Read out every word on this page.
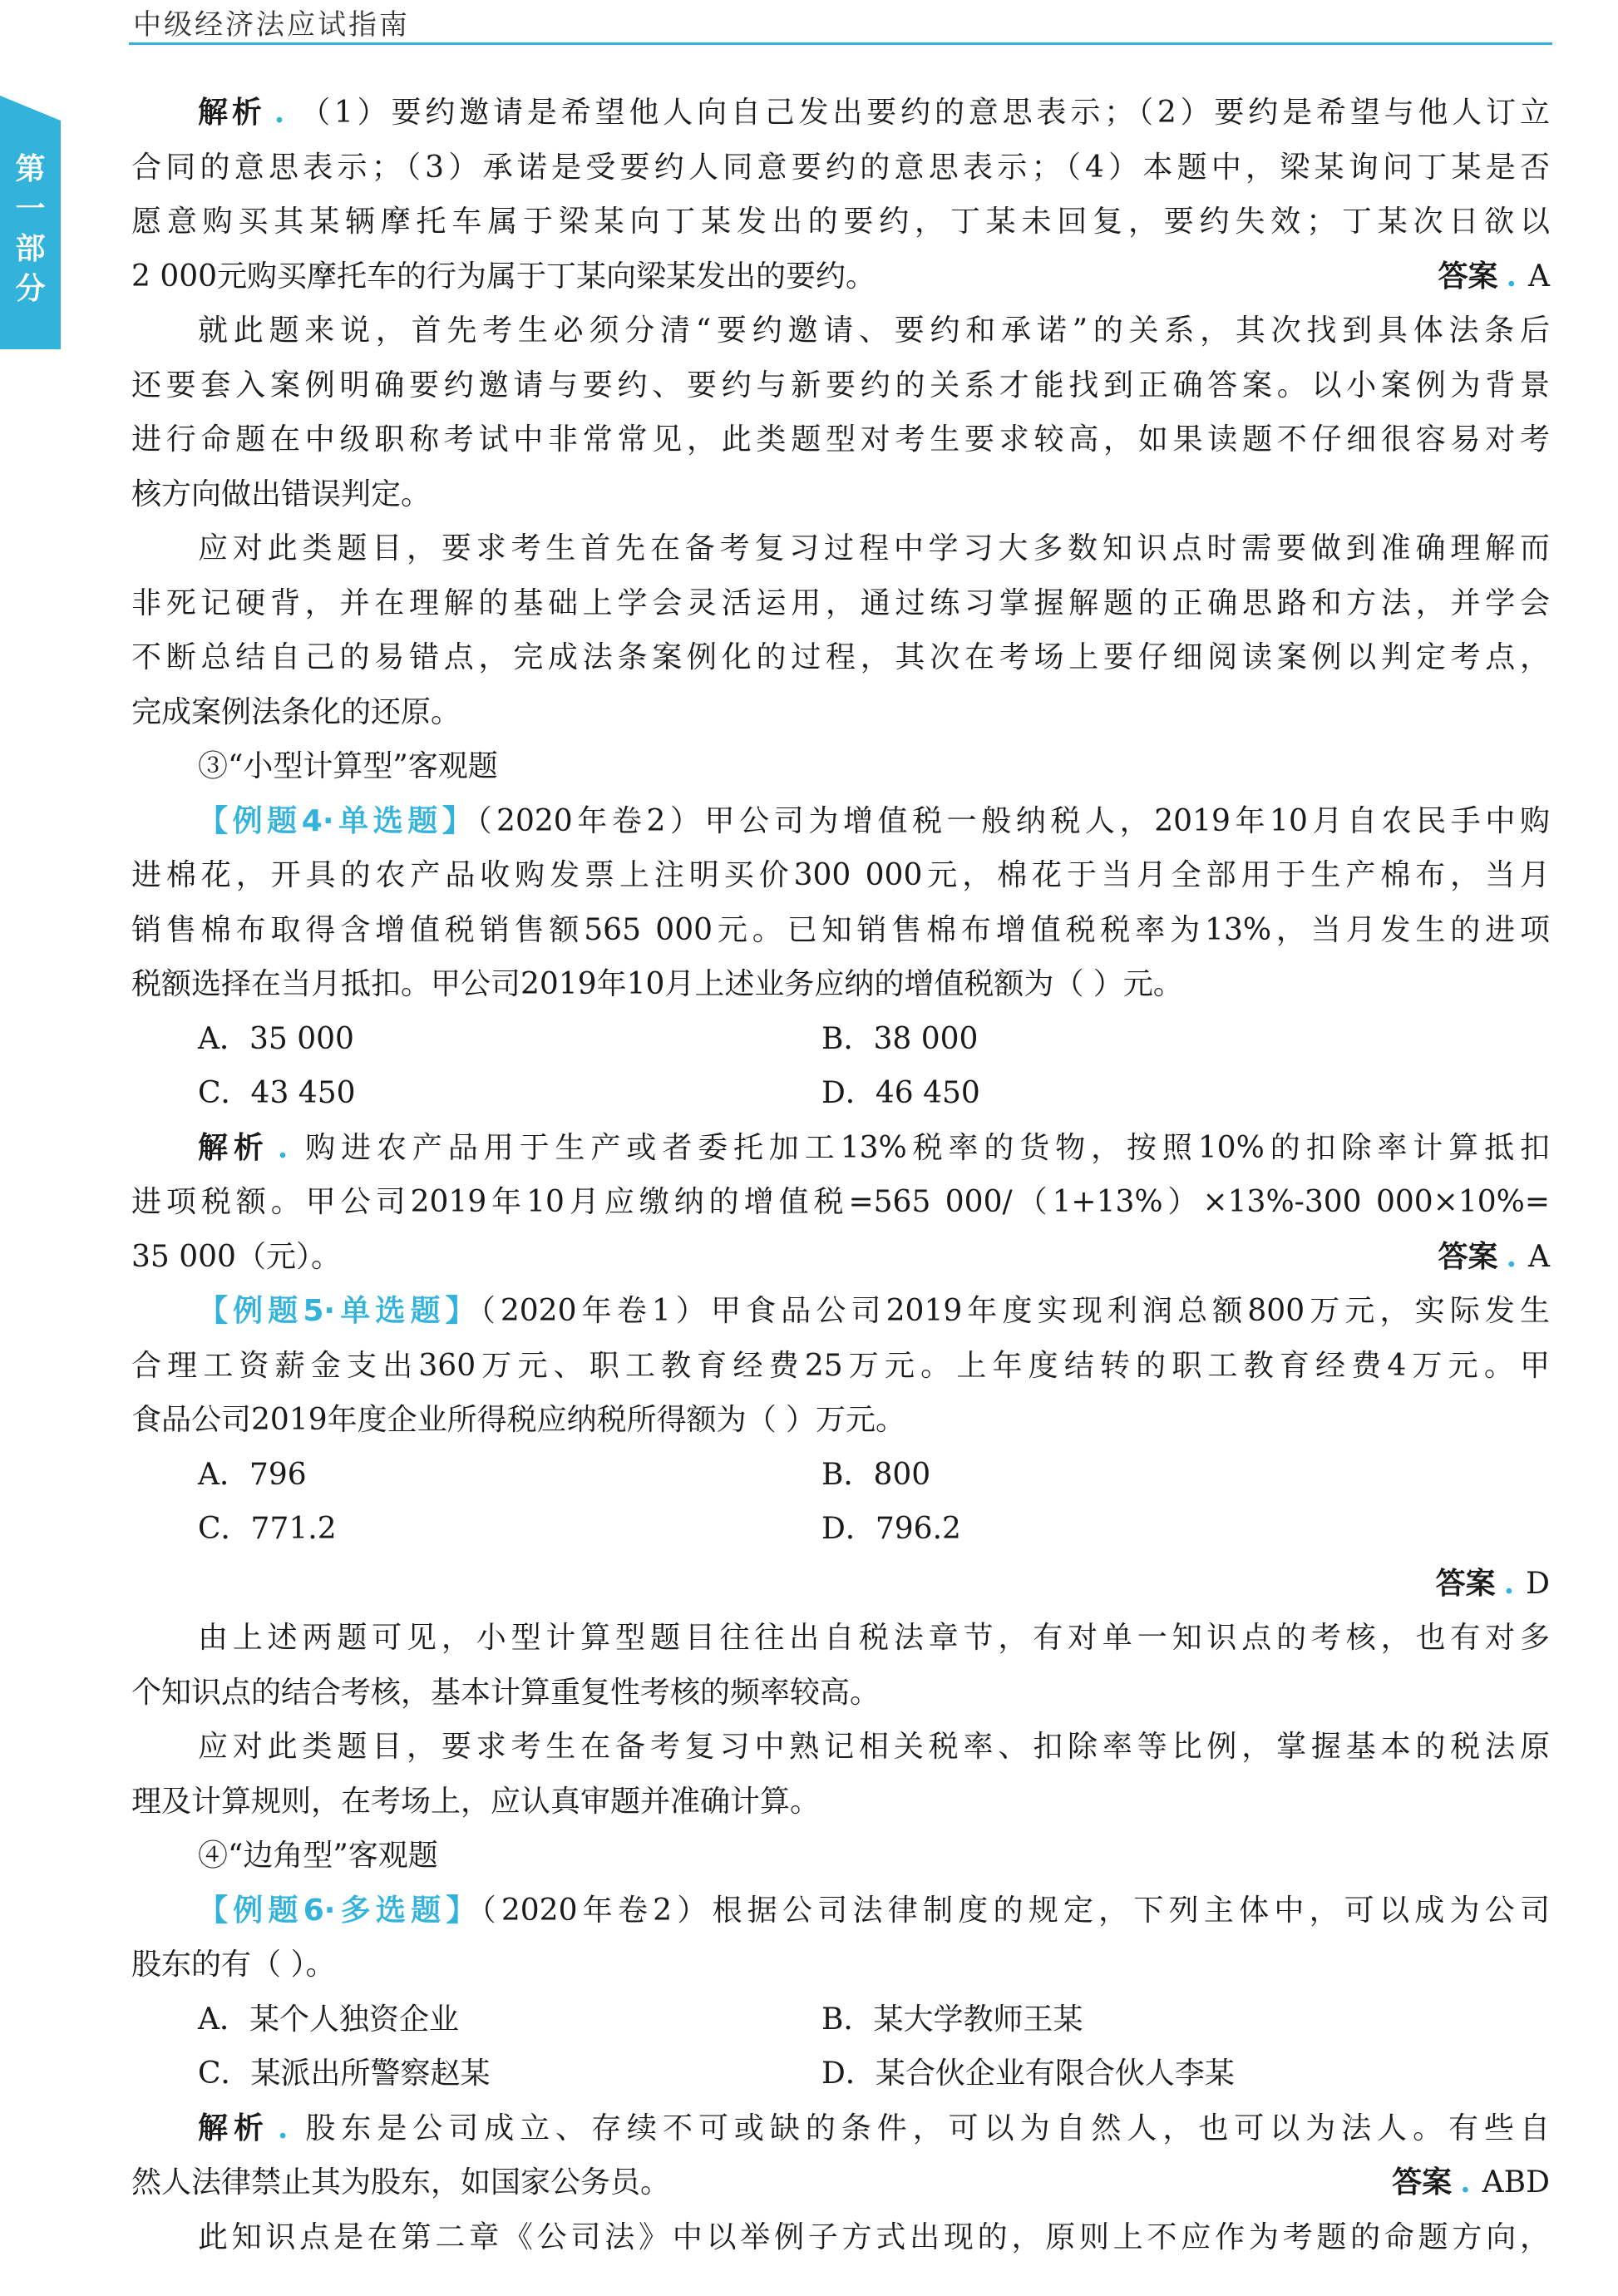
中级经济法应试指南
第
一
部
分
解析 . （1）要约邀请是希望他人向自己发出要约的意思表示；（2）要约是希望与他人订立
合同的意思表示；（3）承诺是受要约人同意要约的意思表示；（4）本题中，梁某询问丁某是否
愿意购买其某辆摩托车属于梁某向丁某发出的要约，丁某未回复，要约失效；丁某次日欲以
2 000元购买摩托车的行为属于丁某向梁某发出的要约。	答案 . A
就此题来说，首先考生必须分清“要约邀请、要约和承诺”的关系，其次找到具体法条后
还要套入案例明确要约邀请与要约、要约与新要约的关系才能找到正确答案。以小案例为背景
进行命题在中级职称考试中非常常见，此类题型对考生要求较高，如果读题不仔细很容易对考
核方向做出错误判定。
应对此类题目，要求考生首先在备考复习过程中学习大多数知识点时需要做到准确理解而
非死记硬背，并在理解的基础上学会灵活运用，通过练习掌握解题的正确思路和方法，并学会
不断总结自己的易错点，完成法条案例化的过程，其次在考场上要仔细阅读案例以判定考点，
完成案例法条化的还原。
③“小型计算型”客观题
【例题4·单选题】（2020年卷2）甲公司为增值税一般纳税人，2019年10月自农民手中购
进棉花，开具的农产品收购发票上注明买价300 000元，棉花于当月全部用于生产棉布，当月
销售棉布取得含增值税销售额565 000元。已知销售棉布增值税税率为13%，当月发生的进项
税额选择在当月抵扣。甲公司2019年10月上述业务应纳的增值税额为（ ）元。
A．35 000	B．38 000
C．43 450	D．46 450
解析 . 购进农产品用于生产或者委托加工13%税率的货物，按照10%的扣除率计算抵扣
进项税额。甲公司2019年10月应缴纳的增值税=565 000/（1+13%）×13%-300 000×10%=
35 000（元）。	答案 . A
【例题5·单选题】（2020年卷1）甲食品公司2019年度实现利润总额800万元，实际发生
合理工资薪金支出360万元、职工教育经费25万元。上年度结转的职工教育经费4万元。甲
食品公司2019年度企业所得税应纳税所得额为（ ）万元。
A．796	B．800
C．771.2	D．796.2
答案 . D
由上述两题可见，小型计算型题目往往出自税法章节，有对单一知识点的考核，也有对多
个知识点的结合考核，基本计算重复性考核的频率较高。
应对此类题目，要求考生在备考复习中熟记相关税率、扣除率等比例，掌握基本的税法原
理及计算规则，在考场上，应认真审题并准确计算。
④“边角型”客观题
【例题6·多选题】（2020年卷2）根据公司法律制度的规定，下列主体中，可以成为公司
股东的有（ ）。
A．某个人独资企业	B．某大学教师王某
C．某派出所警察赵某	D．某合伙企业有限合伙人李某
解析 . 股东是公司成立、存续不可或缺的条件，可以为自然人，也可以为法人。有些自
然人法律禁止其为股东，如国家公务员。	答案 . ABD
此知识点是在第二章《公司法》中以举例子方式出现的，原则上不应作为考题的命题方向，
